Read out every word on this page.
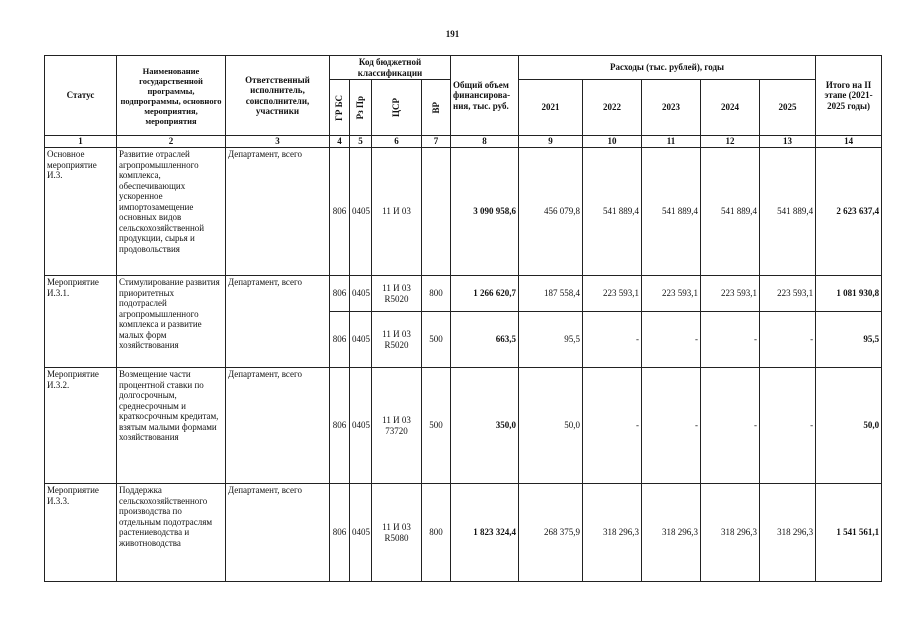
191
Статус	Наименование государственной программы, подпрограммы, основного мероприятия, мероприятия	Ответственный исполнитель, соисполнители, участники	Код бюджетной классификации				Общий объем финансирова-ния, тыс. руб.	Расходы (тыс. рублей), годы					Итого на II этапе (2021-2025 годы)

			ГР БС	Рз Пр	ЦСР	ВР		2021	2022	2023	2024	2025	
1	2	3	4	5	6	7	8	9	10	11	12	13	14
Основное мероприятие И.3.	Развитие отраслей агропромышленного комплекса, обеспечивающих ускоренное импортозамещение основных видов сельскохозяйственной продукции, сырья и продовольствия	Департамент, всего	806	0405	11 И 03		3 090 958,6	456 079,8	541 889,4	541 889,4	541 889,4	541 889,4	2 623 637,4
Мероприятие И.3.1.	Стимулирование развития приоритетных подотраслей агропромышленного комплекса и развитие малых форм хозяйствования	Департамент, всего	806	0405	11 И 03 R5020	800	1 266 620,7	187 558,4	223 593,1	223 593,1	223 593,1	223 593,1	1 081 930,8
			806	0405	11 И 03 R5020	500	663,5	95,5	-	-	-	-	95,5
Мероприятие И.3.2.	Возмещение части процентной ставки по долгосрочным, среднесрочным и краткосрочным кредитам, взятым малыми формами хозяйствования	Департамент, всего	806	0405	11 И 03 73720	500	350,0	50,0	-	-	-	-	50,0
Мероприятие И.3.3.	Поддержка сельскохозяйственного производства по отдельным подотраслям растениеводства и животноводства	Департамент, всего	806	0405	11 И 03 R5080	800	1 823 324,4	268 375,9	318 296,3	318 296,3	318 296,3	318 296,3	1 541 561,1
